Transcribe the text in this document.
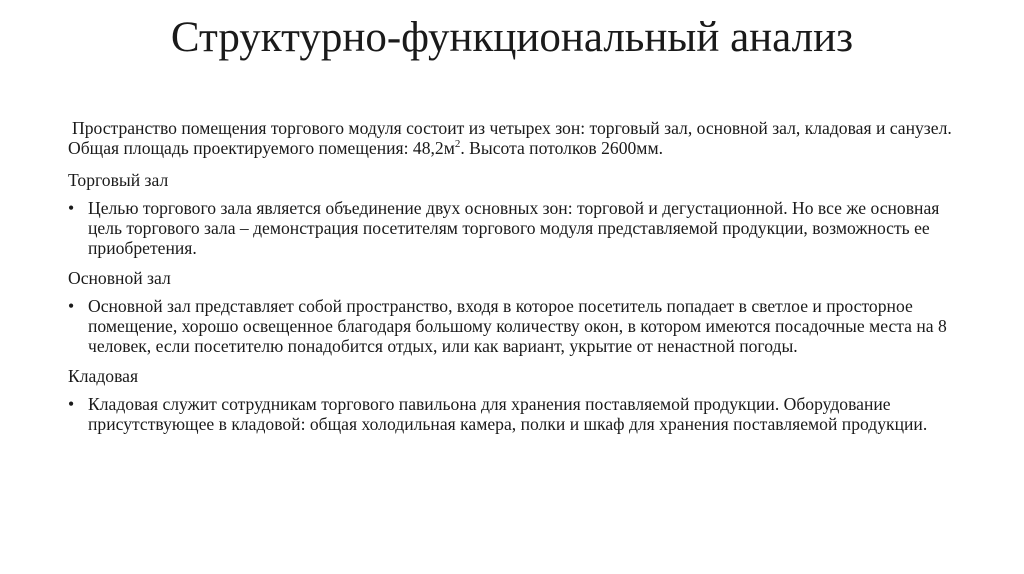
Структурно-функциональный анализ

Пространство помещения торгового модуля состоит из четырех зон: торговый зал, основной зал, кладовая и санузел. Общая площадь проектируемого помещения: $48,2м^2$. Высота потолков 2600мм.

Торговый зал

• Целью торгового зала является объединение двух основных зон: торговой и дегустационной. Но все же основная цель торгового зала – демонстрация посетителям торгового модуля представляемой продукции, возможность ее приобретения.

Основной зал

• Основной зал представляет собой пространство, входя в которое посетитель попадает в светлое и просторное помещение, хорошо освещенное благодаря большому количеству окон, в котором имеются посадочные места на 8 человек, если посетителю понадобится отдых, или как вариант, укрытие от ненастной погоды.

Кладовая

• Кладовая служит сотрудникам торгового павильона для хранения поставляемой продукции. Оборудование присутствующее в кладовой: общая холодильная камера, полки и шкаф для хранения поставляемой продукции.
